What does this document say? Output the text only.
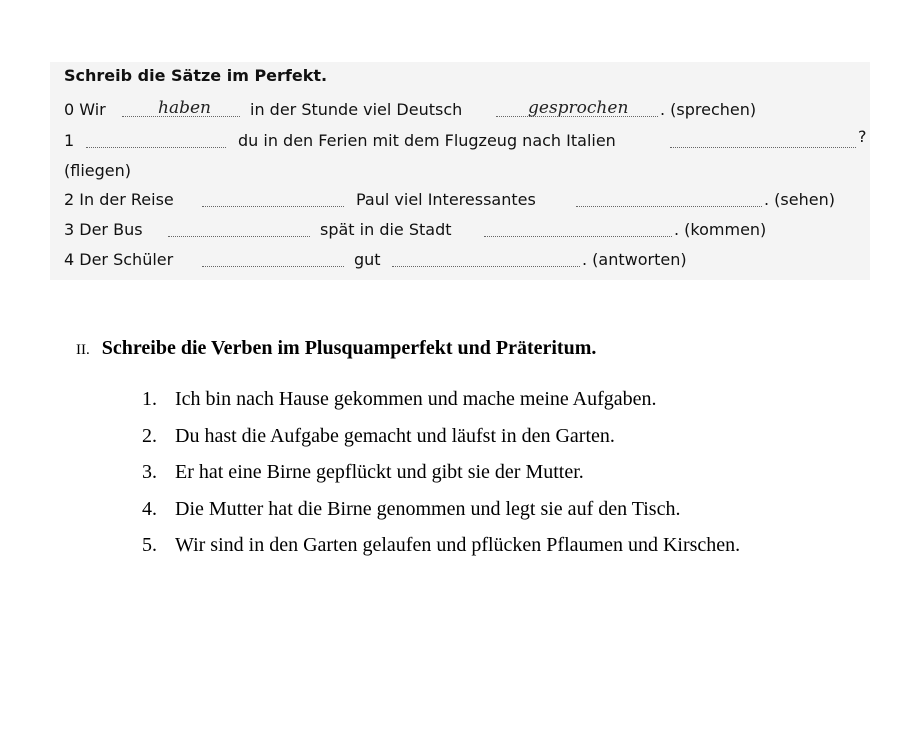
Schreib die Sätze im Perfekt.
0 Wir	haben in der Stunde viel Deutsch	gesprochen . (sprechen)
1	du in den Ferien mit dem Flugzeug nach Italien	?
(fliegen)
2 In der Reise	Paul viel Interessantes	. (sehen)
3 Der Bus	spät in die Stadt	. (kommen)
4 Der Schüler	gut	. (antworten)
II. Schreibe die Verben im Plusquamperfekt und Präteritum.
1. Ich bin nach Hause gekommen und mache meine Aufgaben.
2. Du hast die Aufgabe gemacht und läufst in den Garten.
3. Er hat eine Birne gepflückt und gibt sie der Mutter.
4. Die Mutter hat die Birne genommen und legt sie auf den Tisch.
5. Wir sind in den Garten gelaufen und pflücken Pflaumen und Kirschen.
